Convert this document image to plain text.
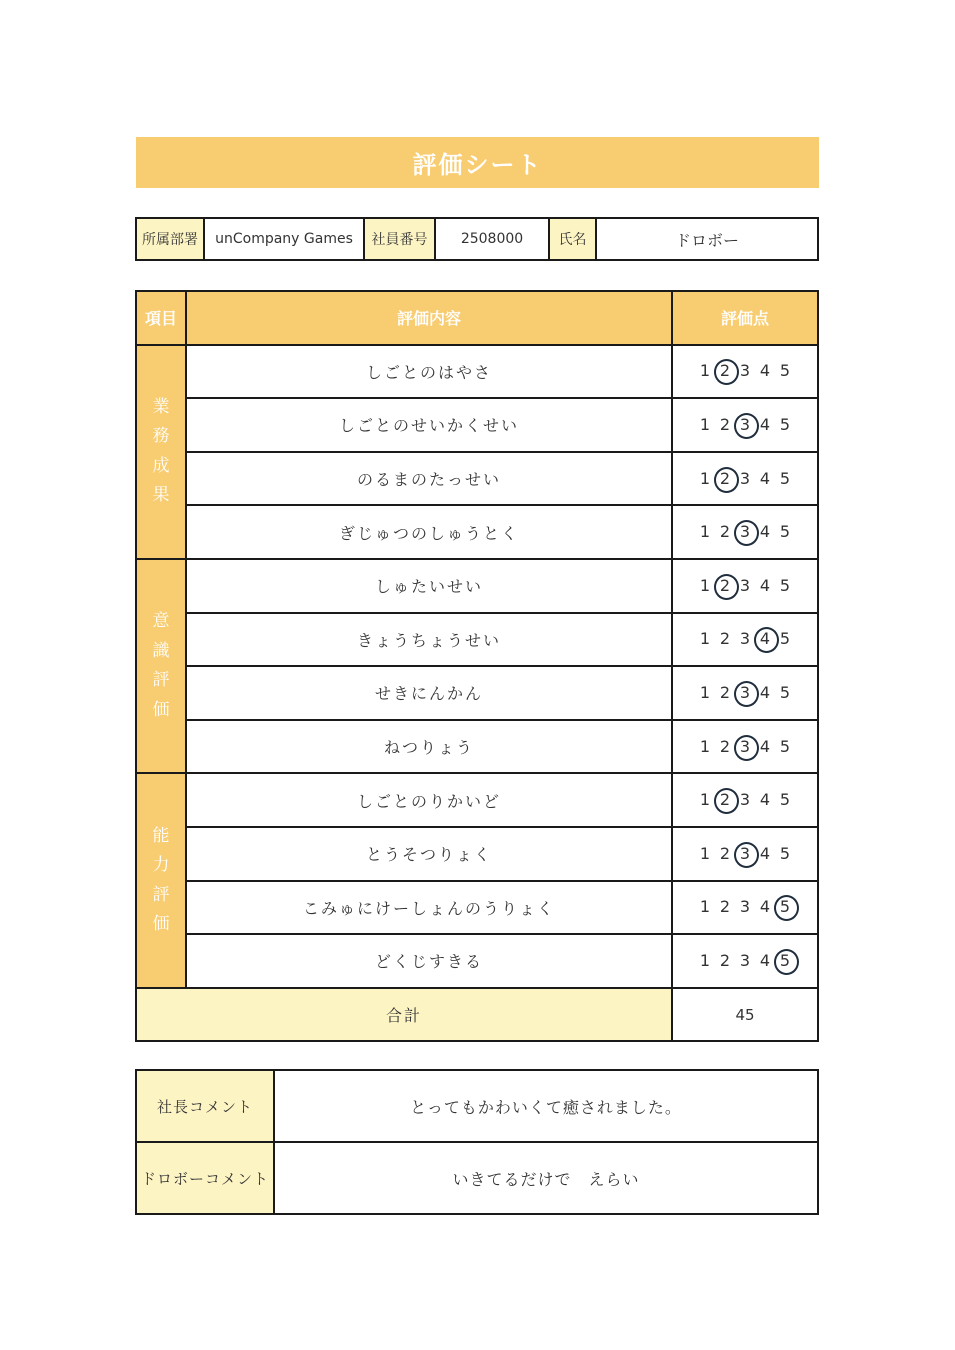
評価シート
所属部署	unCompany Games	社員番号	2508000	氏名	ドロボー
項目	評価内容	評価点
業務成果	しごとのはやさ	1 2 3 4 5

	しごとのせいかくせい	1 2 3 4 5

	のるまのたっせい	1 2 3 4 5

	ぎじゅつのしゅうとく	1 2 3 4 5

意識評価	しゅたいせい	1 2 3 4 5

	きょうちょうせい	1 2 3 4 5

	せきにんかん	1 2 3 4 5

	ねつりょう	1 2 3 4 5

能力評価	しごとのりかいど	1 2 3 4 5

	とうそつりょく	1 2 3 4 5

	こみゅにけーしょんのうりょく	1 2 3 4 5

	どくじすきる	1 2 3 4 5

合計		45
社長コメント	とってもかわいくて癒されました。
ドロボーコメント	いきてるだけで　えらい
